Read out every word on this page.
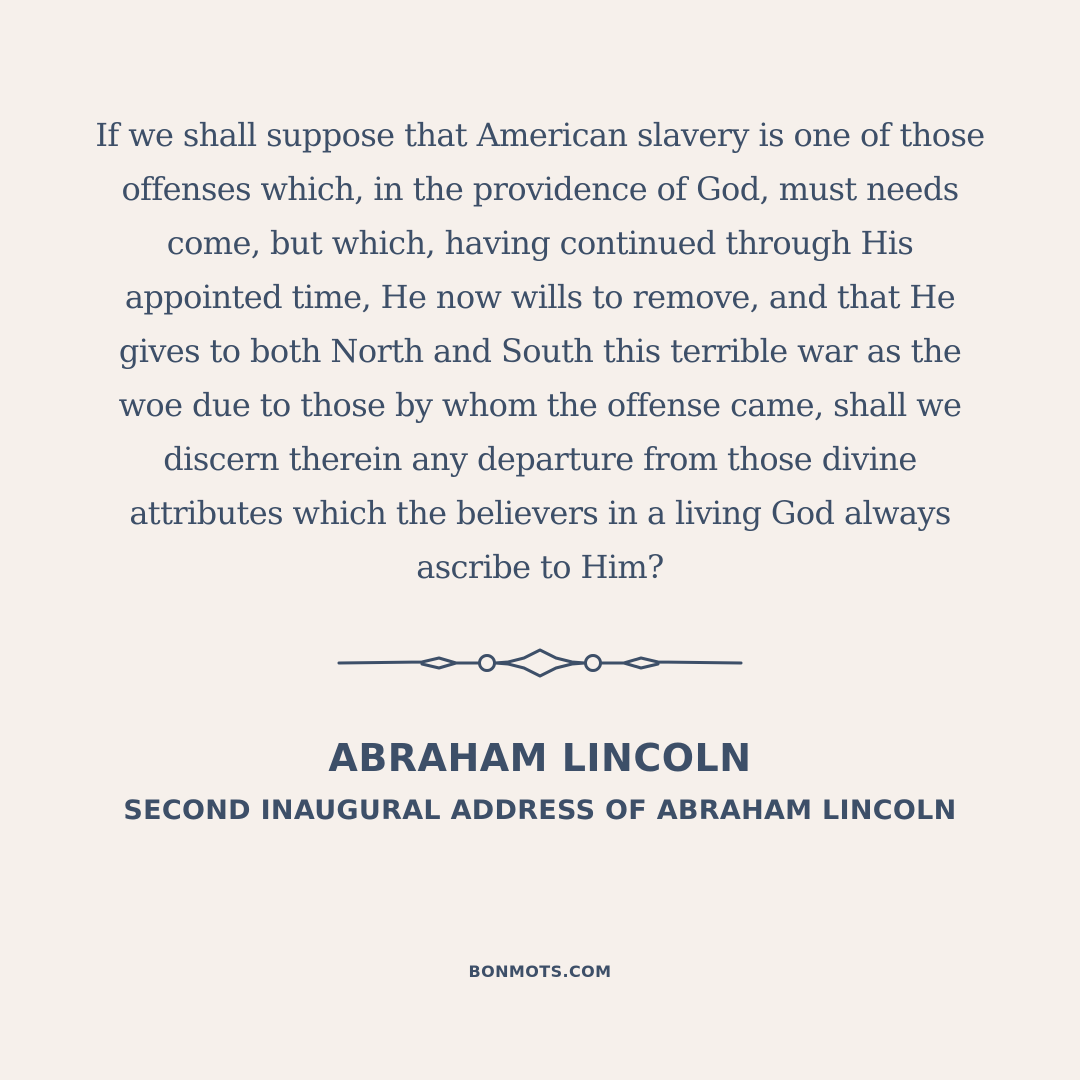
If we shall suppose that American slavery is one of those offenses which, in the providence of God, must needs come, but which, having continued through His appointed time, He now wills to remove, and that He gives to both North and South this terrible war as the woe due to those by whom the offense came, shall we discern therein any departure from those divine attributes which the believers in a living God always ascribe to Him?

ABRAHAM LINCOLN
SECOND INAUGURAL ADDRESS OF ABRAHAM LINCOLN
BONMOTS.COM
